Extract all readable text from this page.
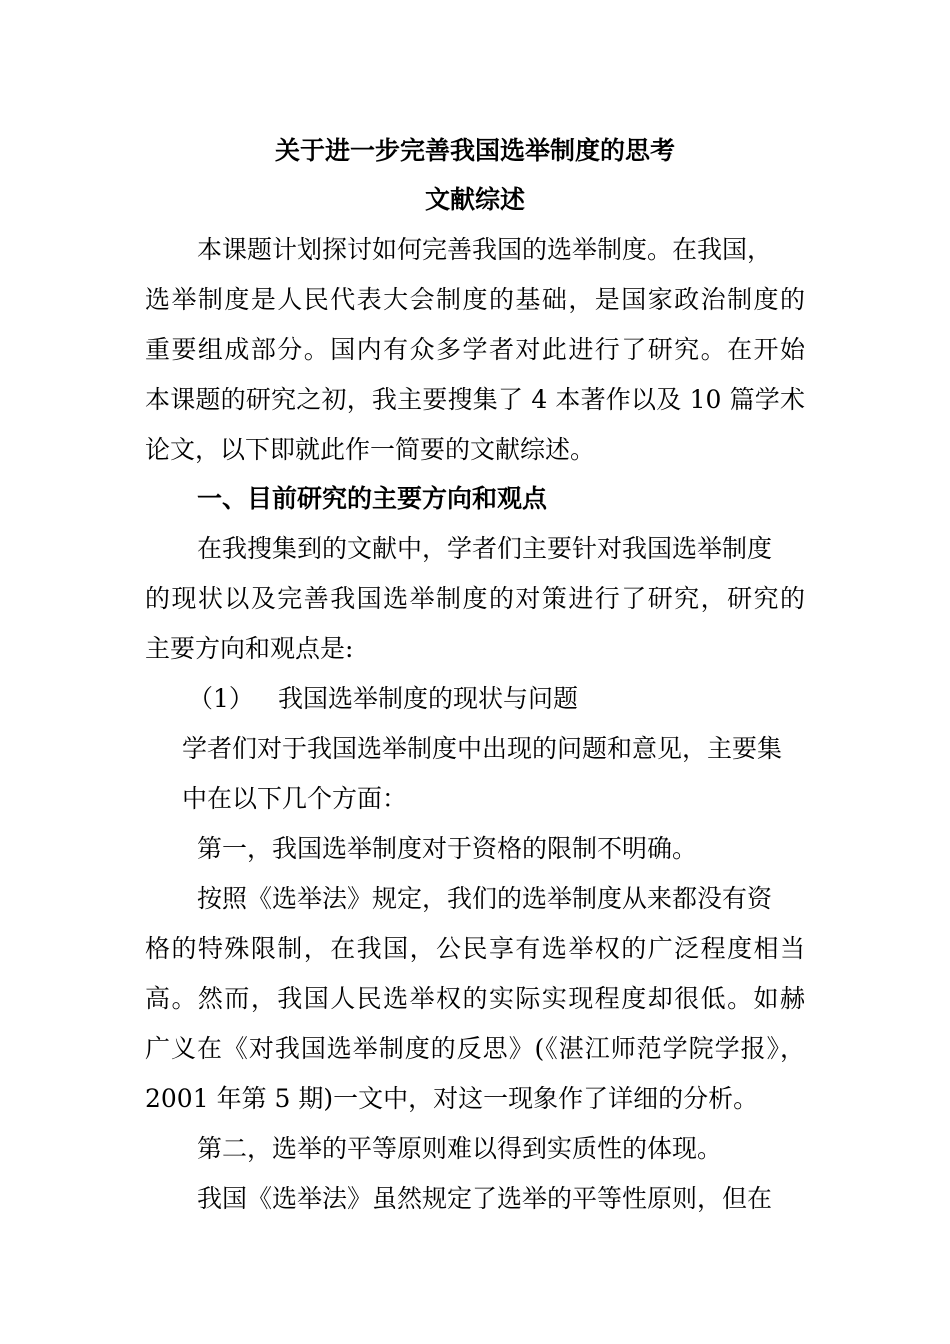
关于进一步完善我国选举制度的思考
文献综述
本课题计划探讨如何完善我国的选举制度。在我国，
选举制度是人民代表大会制度的基础，是国家政治制度的
重要组成部分。国内有众多学者对此进行了研究。在开始
本课题的研究之初，我主要搜集了 4 本著作以及 10 篇学术
论文，以下即就此作一简要的文献综述。
一、目前研究的主要方向和观点
在我搜集到的文献中，学者们主要针对我国选举制度
的现状以及完善我国选举制度的对策进行了研究，研究的
主要方向和观点是:
（1） 我国选举制度的现状与问题
学者们对于我国选举制度中出现的问题和意见，主要集
中在以下几个方面：
第一，我国选举制度对于资格的限制不明确。
按照《选举法》规定，我们的选举制度从来都没有资
格的特殊限制，在我国，公民享有选举权的广泛程度相当
高。然而，我国人民选举权的实际实现程度却很低。如赫
广义在《对我国选举制度的反思》(《湛江师范学院学报》，
2001 年第 5 期)一文中，对这一现象作了详细的分析。
第二，选举的平等原则难以得到实质性的体现。
我国《选举法》虽然规定了选举的平等性原则，但在
